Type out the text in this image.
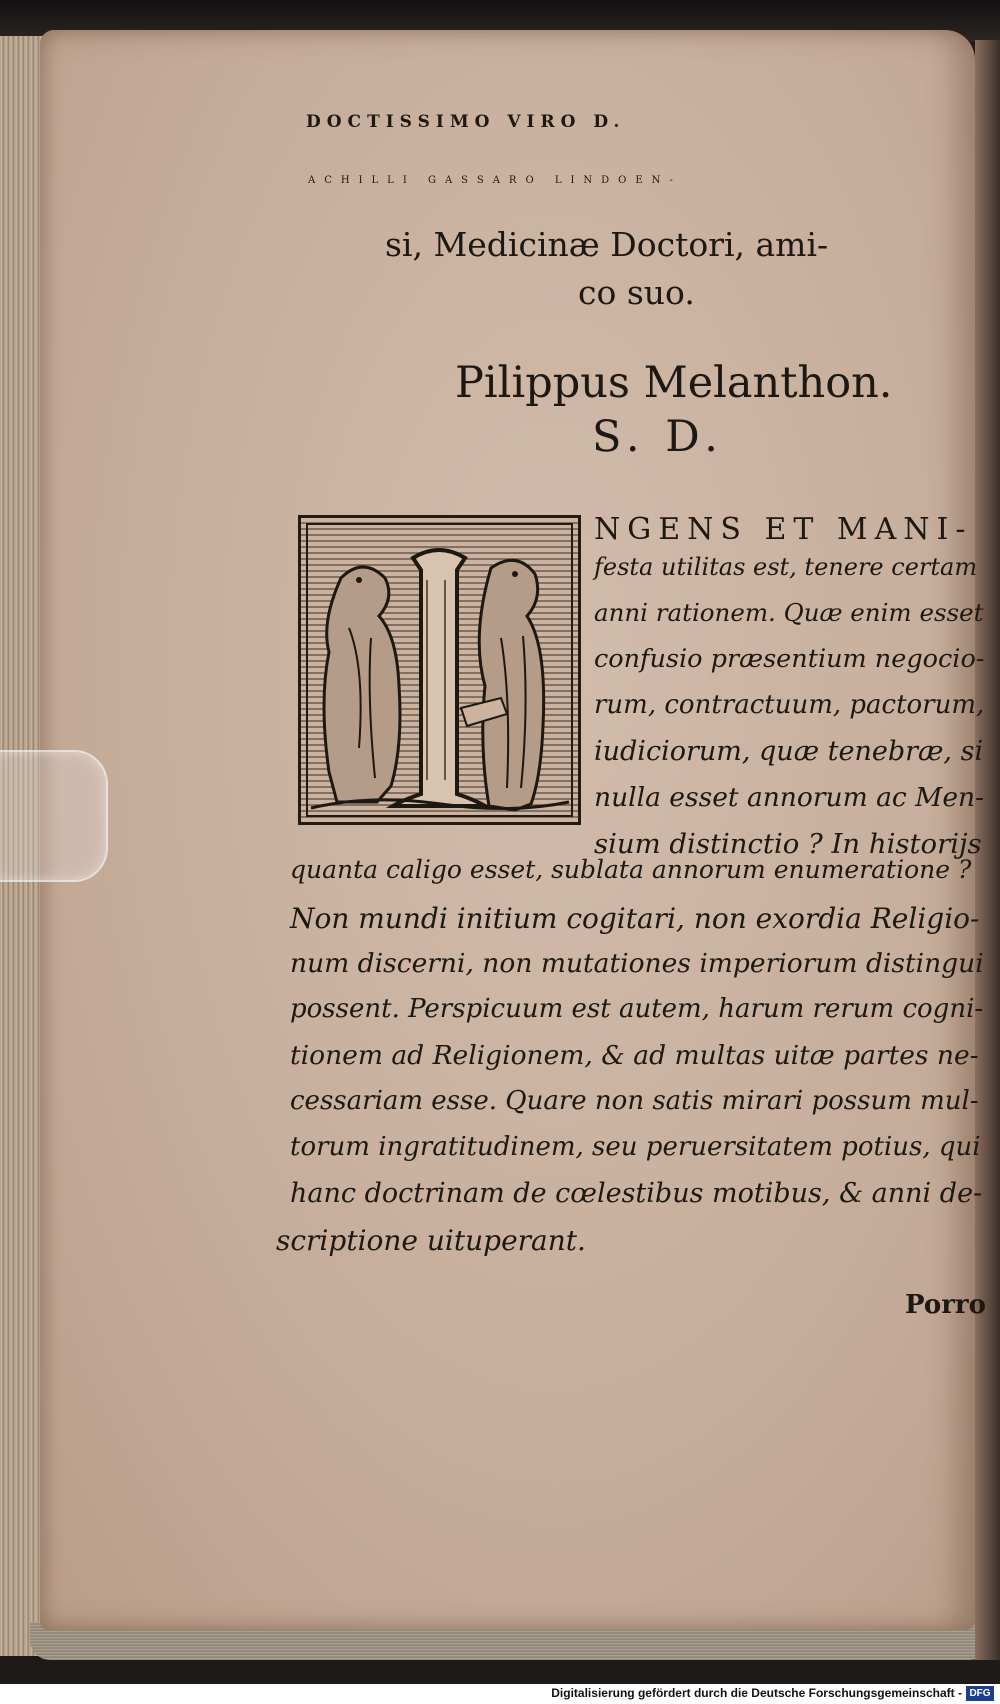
DOCTISSIMO VIRO D.
ACHILLI GASSARO LINDOEN-
si, Medicinæ Doctori, ami-
co suo.
Pilippus Melanthon.
S. D.
NGENS ET MANI-
festa utilitas est, tenere certam
anni rationem. Quæ enim esset
confusio præsentium negocio-
rum, contractuum, pactorum,
iudiciorum, quæ tenebræ, si
nulla esset annorum ac Men-
sium distinctio ? In historijs
quanta caligo esset, sublata annorum enumeratione ?
Non mundi initium cogitari, non exordia Religio-
num discerni, non mutationes imperiorum distingui
possent. Perspicuum est autem, harum rerum cogni-
tionem ad Religionem, & ad multas uitæ partes ne-
cessariam esse. Quare non satis mirari possum mul-
torum ingratitudinem, seu peruersitatem potius, qui
hanc doctrinam de cœlestibus motibus, & anni de-
scriptione uituperant.
Porro
Digitalisierung gefördert durch die Deutsche Forschungsgemeinschaft - DFG
